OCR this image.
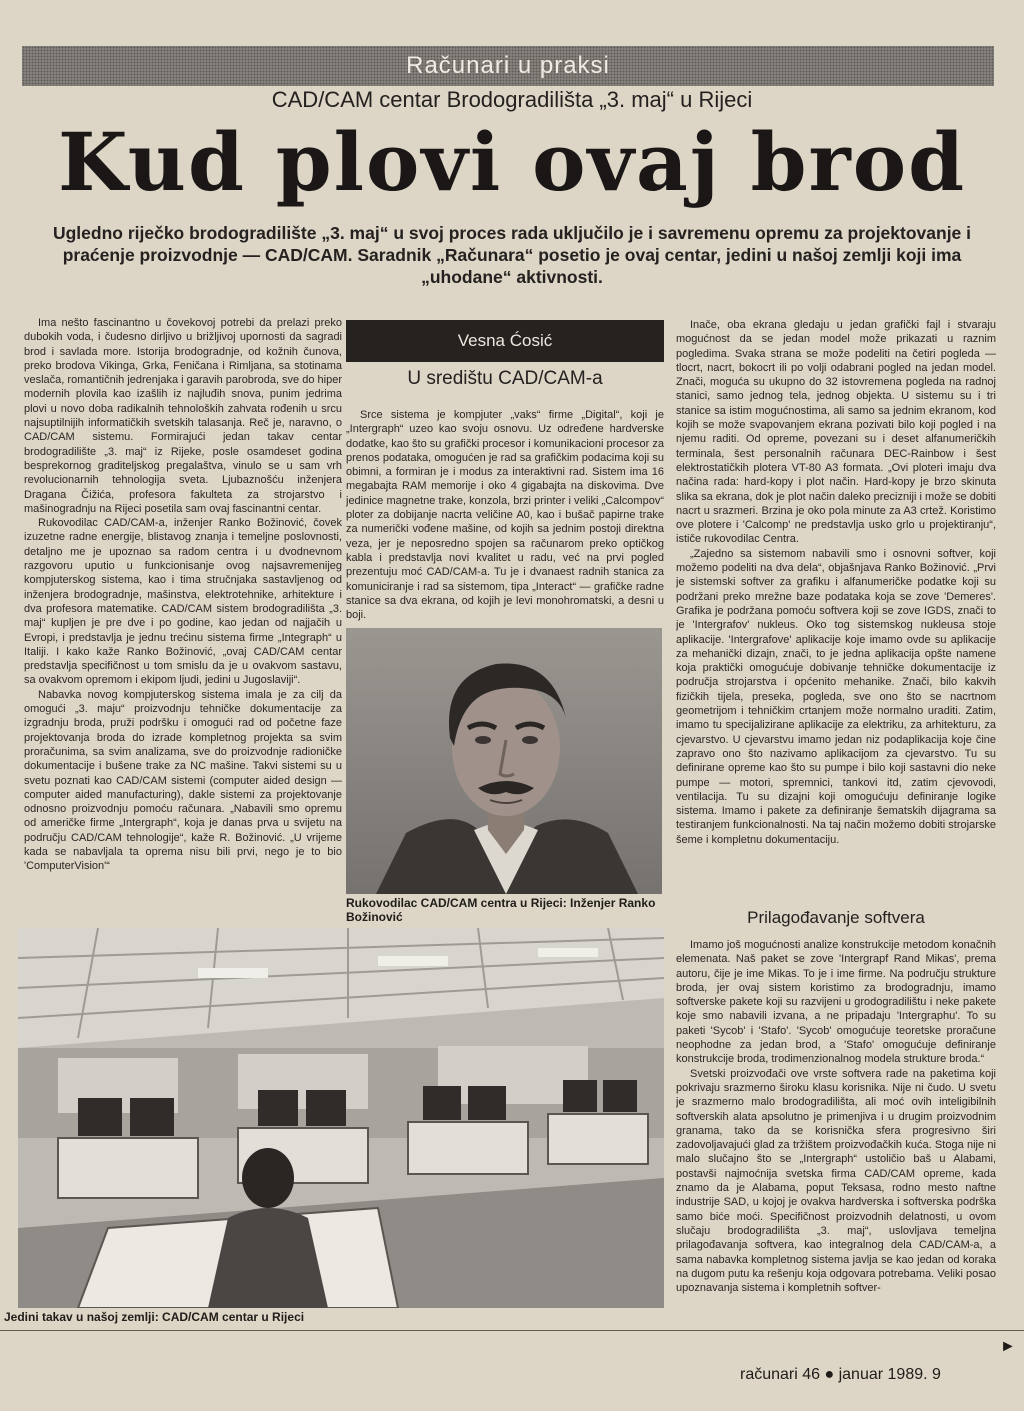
Računari u praksi
CAD/CAM centar Brodogradilišta „3. maj“ u Rijeci
Kud plovi ovaj brod
Ugledno riječko brodogradilište „3. maj“ u svoj proces rada uključilo je i savremenu opremu za projektovanje i praćenje proizvodnje — CAD/CAM. Saradnik „Računara“ posetio je ovaj centar, jedini u našoj zemlji koji ima „uhodane“ aktivnosti.

Ima nešto fascinantno u čovekovoj potrebi da prelazi preko dubokih voda, i čudesno dirljivo u brižljivoj upornosti da sagradi brod i savlada more. Istorija brodogradnje, od kožnih čunova, preko brodova Vikinga, Grka, Feničana i Rimljana, sa stotinama veslača, romantičnih jedrenjaka i garavih parobroda, sve do hiper modernih plovila kao izašlih iz najluđih snova, punim jedrima plovi u novo doba radikalnih tehnoloških zahvata rođenih u srcu najsuptilnijih informatičkih svetskih talasanja. Reč je, naravno, o CAD/CAM sistemu. Formirajući jedan takav centar brodogradilište „3. maj“ iz Rijeke, posle osamdeset godina besprekornog graditeljskog pregalaštva, vinulo se u sam vrh revolucionarnih tehnologija sveta. Ljubaznošću inženjera Dragana Čižića, profesora fakulteta za strojarstvo i mašinogradnju na Rijeci posetila sam ovaj fascinantni centar.

Rukovodilac CAD/CAM-a, inženjer Ranko Božinović, čovek izuzetne radne energije, blistavog znanja i temeljne poslovnosti, detaljno me je upoznao sa radom centra i u dvodnevnom razgovoru uputio u funkcionisanje ovog najsavremenijeg kompjuterskog sistema, kao i tima stručnjaka sastavljenog od inženjera brodogradnje, mašinstva, elektrotehnike, arhitekture i dva profesora matematike. CAD/CAM sistem brodogradilišta „3. maj“ kupljen je pre dve i po godine, kao jedan od najjačih u Evropi, i predstavlja je jednu trećinu sistema firme „Integraph“ u Italiji. I kako kaže Ranko Božinović, „ovaj CAD/CAM centar predstavlja specifičnost u tom smislu da je u ovakvom sastavu, sa ovakvom opremom i ekipom ljudi, jedini u Jugoslaviji“.

Nabavka novog kompjuterskog sistema imala je za cilj da omogući „3. maju“ proizvodnju tehničke dokumentacije za izgradnju broda, pruži podršku i omogući rad od početne faze projektovanja broda do izrade kompletnog projekta sa svim proračunima, sa svim analizama, sve do proizvodnje radioničke dokumentacije i bušene trake za NC mašine. Takvi sistemi su u svetu poznati kao CAD/CAM sistemi (computer aided design — computer aided manufacturing), dakle sistemi za projektovanje odnosno proizvodnju pomoću računara. „Nabavili smo opremu od američke firme „Intergraph“, koja je danas prva u svijetu na području CAD/CAM tehnologije“, kaže R. Božinović. „U vrijeme kada se nabavljala ta oprema nisu bili prvi, nego je to bio 'ComputerVision'“

Vesna Ćosić
U središtu CAD/CAM-a

Srce sistema je kompjuter „vaks“ firme „Digital“, koji je „Intergraph“ uzeo kao svoju osnovu. Uz određene hardverske dodatke, kao što su grafički procesor i komunikacioni procesor za prenos podataka, omogućen je rad sa grafičkim podacima koji su obimni, a formiran je i modus za interaktivni rad. Sistem ima 16 megabajta RAM memorije i oko 4 gigabajta na diskovima. Dve jedinice magnetne trake, konzola, brzi printer i veliki „Calcompov“ ploter za dobijanje nacrta veličine A0, kao i bušač papirne trake za numerički vođene mašine, od kojih sa jednim postoji direktna veza, jer je neposredno spojen sa računarom preko optičkog kabla i predstavlja novi kvalitet u radu, već na prvi pogled prezentuju moć CAD/CAM-a. Tu je i dvanaest radnih stanica za komuniciranje i rad sa sistemom, tipa „Interact“ — grafičke radne stanice sa dva ekrana, od kojih je levi monohromatski, a desni u boji.

Rukovodilac CAD/CAM centra u Rijeci: Inženjer Ranko Božinović

Inače, oba ekrana gledaju u jedan grafički fajl i stvaraju mogućnost da se jedan model može prikazati u raznim pogledima. Svaka strana se može podeliti na četiri pogleda — tlocrt, nacrt, bokocrt ili po volji odabrani pogled na jedan model. Znači, moguća su ukupno do 32 istovremena pogleda na radnoj stanici, samo jednog tela, jednog objekta. U sistemu su i tri stanice sa istim mogućnostima, ali samo sa jednim ekranom, kod kojih se može svapovanjem ekrana pozivati bilo koji pogled i na njemu raditi. Od opreme, povezani su i deset alfanumeričkih terminala, šest personalnih računara DEC-Rainbow i šest elektrostatičkih plotera VT-80 A3 formata. „Ovi ploteri imaju dva načina rada: hard-kopy i plot način. Hard-kopy je brzo skinuta slika sa ekrana, dok je plot način daleko precizniji i može se dobiti nacrt u srazmeri. Brzina je oko pola minute za A3 crtež. Koristimo ove plotere i 'Calcomp' ne predstavlja usko grlo u projektiranju“, ističe rukovodilac Centra.

„Zajedno sa sistemom nabavili smo i osnovni softver, koji možemo podeliti na dva dela“, objašnjava Ranko Božinović. „Prvi je sistemski softver za grafiku i alfanumeričke podatke koji su podržani preko mrežne baze podataka koja se zove 'Demeres'. Grafika je podržana pomoću softvera koji se zove IGDS, znači to je 'Intergrafov' nukleus. Oko tog sistemskog nukleusa stoje aplikacije. 'Intergrafove' aplikacije koje imamo ovde su aplikacije za mehanički dizajn, znači, to je jedna aplikacija opšte namene koja praktički omogućuje dobivanje tehničke dokumentacije iz područja strojarstva i općenito mehanike. Znači, bilo kakvih fizičkih tijela, preseka, pogleda, sve ono što se nacrtnom geometrijom i tehničkim crtanjem može normalno uraditi. Zatim, imamo tu specijalizirane aplikacije za elektriku, za arhitekturu, za cjevarstvo. U cjevarstvu imamo jedan niz podaplikacija koje čine zapravo ono što nazivamo aplikacijom za cjevarstvo. Tu su definirane opreme kao što su pumpe i bilo koji sastavni dio neke pumpe — motori, spremnici, tankovi itd, zatim cjevovodi, ventilacija. Tu su dizajni koji omogućuju definiranje logike sistema. Imamo i pakete za definiranje šematskih dijagrama sa testiranjem funkcionalnosti. Na taj način možemo dobiti strojarske šeme i kompletnu dokumentaciju.

Prilagođavanje softvera

Imamo još mogućnosti analize konstrukcije metodom konačnih elemenata. Naš paket se zove 'Intergrapf Rand Mikas', prema autoru, čije je ime Mikas. To je i ime firme. Na području strukture broda, jer ovaj sistem koristimo za brodogradnju, imamo softverske pakete koji su razvijeni u grodogradilištu i neke pakete koje smo nabavili izvana, a ne pripadaju 'Intergraphu'. To su paketi 'Sycob' i 'Stafo'. 'Sycob' omogućuje teoretske proračune neophodne za jedan brod, a 'Stafo' omogućuje definiranje konstrukcije broda, trodimenzionalnog modela strukture broda.“

Svetski proizvođači ove vrste softvera rade na paketima koji pokrivaju srazmerno široku klasu korisnika. Nije ni čudo. U svetu je srazmerno malo brodogradilišta, ali moć ovih inteligibilnih softverskih alata apsolutno je primenjiva i u drugim proizvodnim granama, tako da se korisnička sfera progresivno širi zadovoljavajući glad za tržištem proizvođačkih kuća. Stoga nije ni malo slučajno što se „Intergraph“ ustoličio baš u Alabami, postavši najmoćnija svetska firma CAD/CAM opreme, kada znamo da je Alabama, poput Teksasa, rodno mesto naftne industrije SAD, u kojoj je ovakva hardverska i softverska podrška samo biće moći. Specifičnost proizvodnih delatnosti, u ovom slučaju brodogradilišta „3. maj“, uslovljava temeljna prilagođavanja softvera, kao integralnog dela CAD/CAM-a, a sama nabavka kompletnog sistema javlja se kao jedan od koraka na dugom putu ka rešenju koja odgovara potrebama. Veliki posao upoznavanja sistema i kompletnih softver-

Jedini takav u našoj zemlji: CAD/CAM centar u Rijeci
►
računari 46 ● januar 1989. 9
